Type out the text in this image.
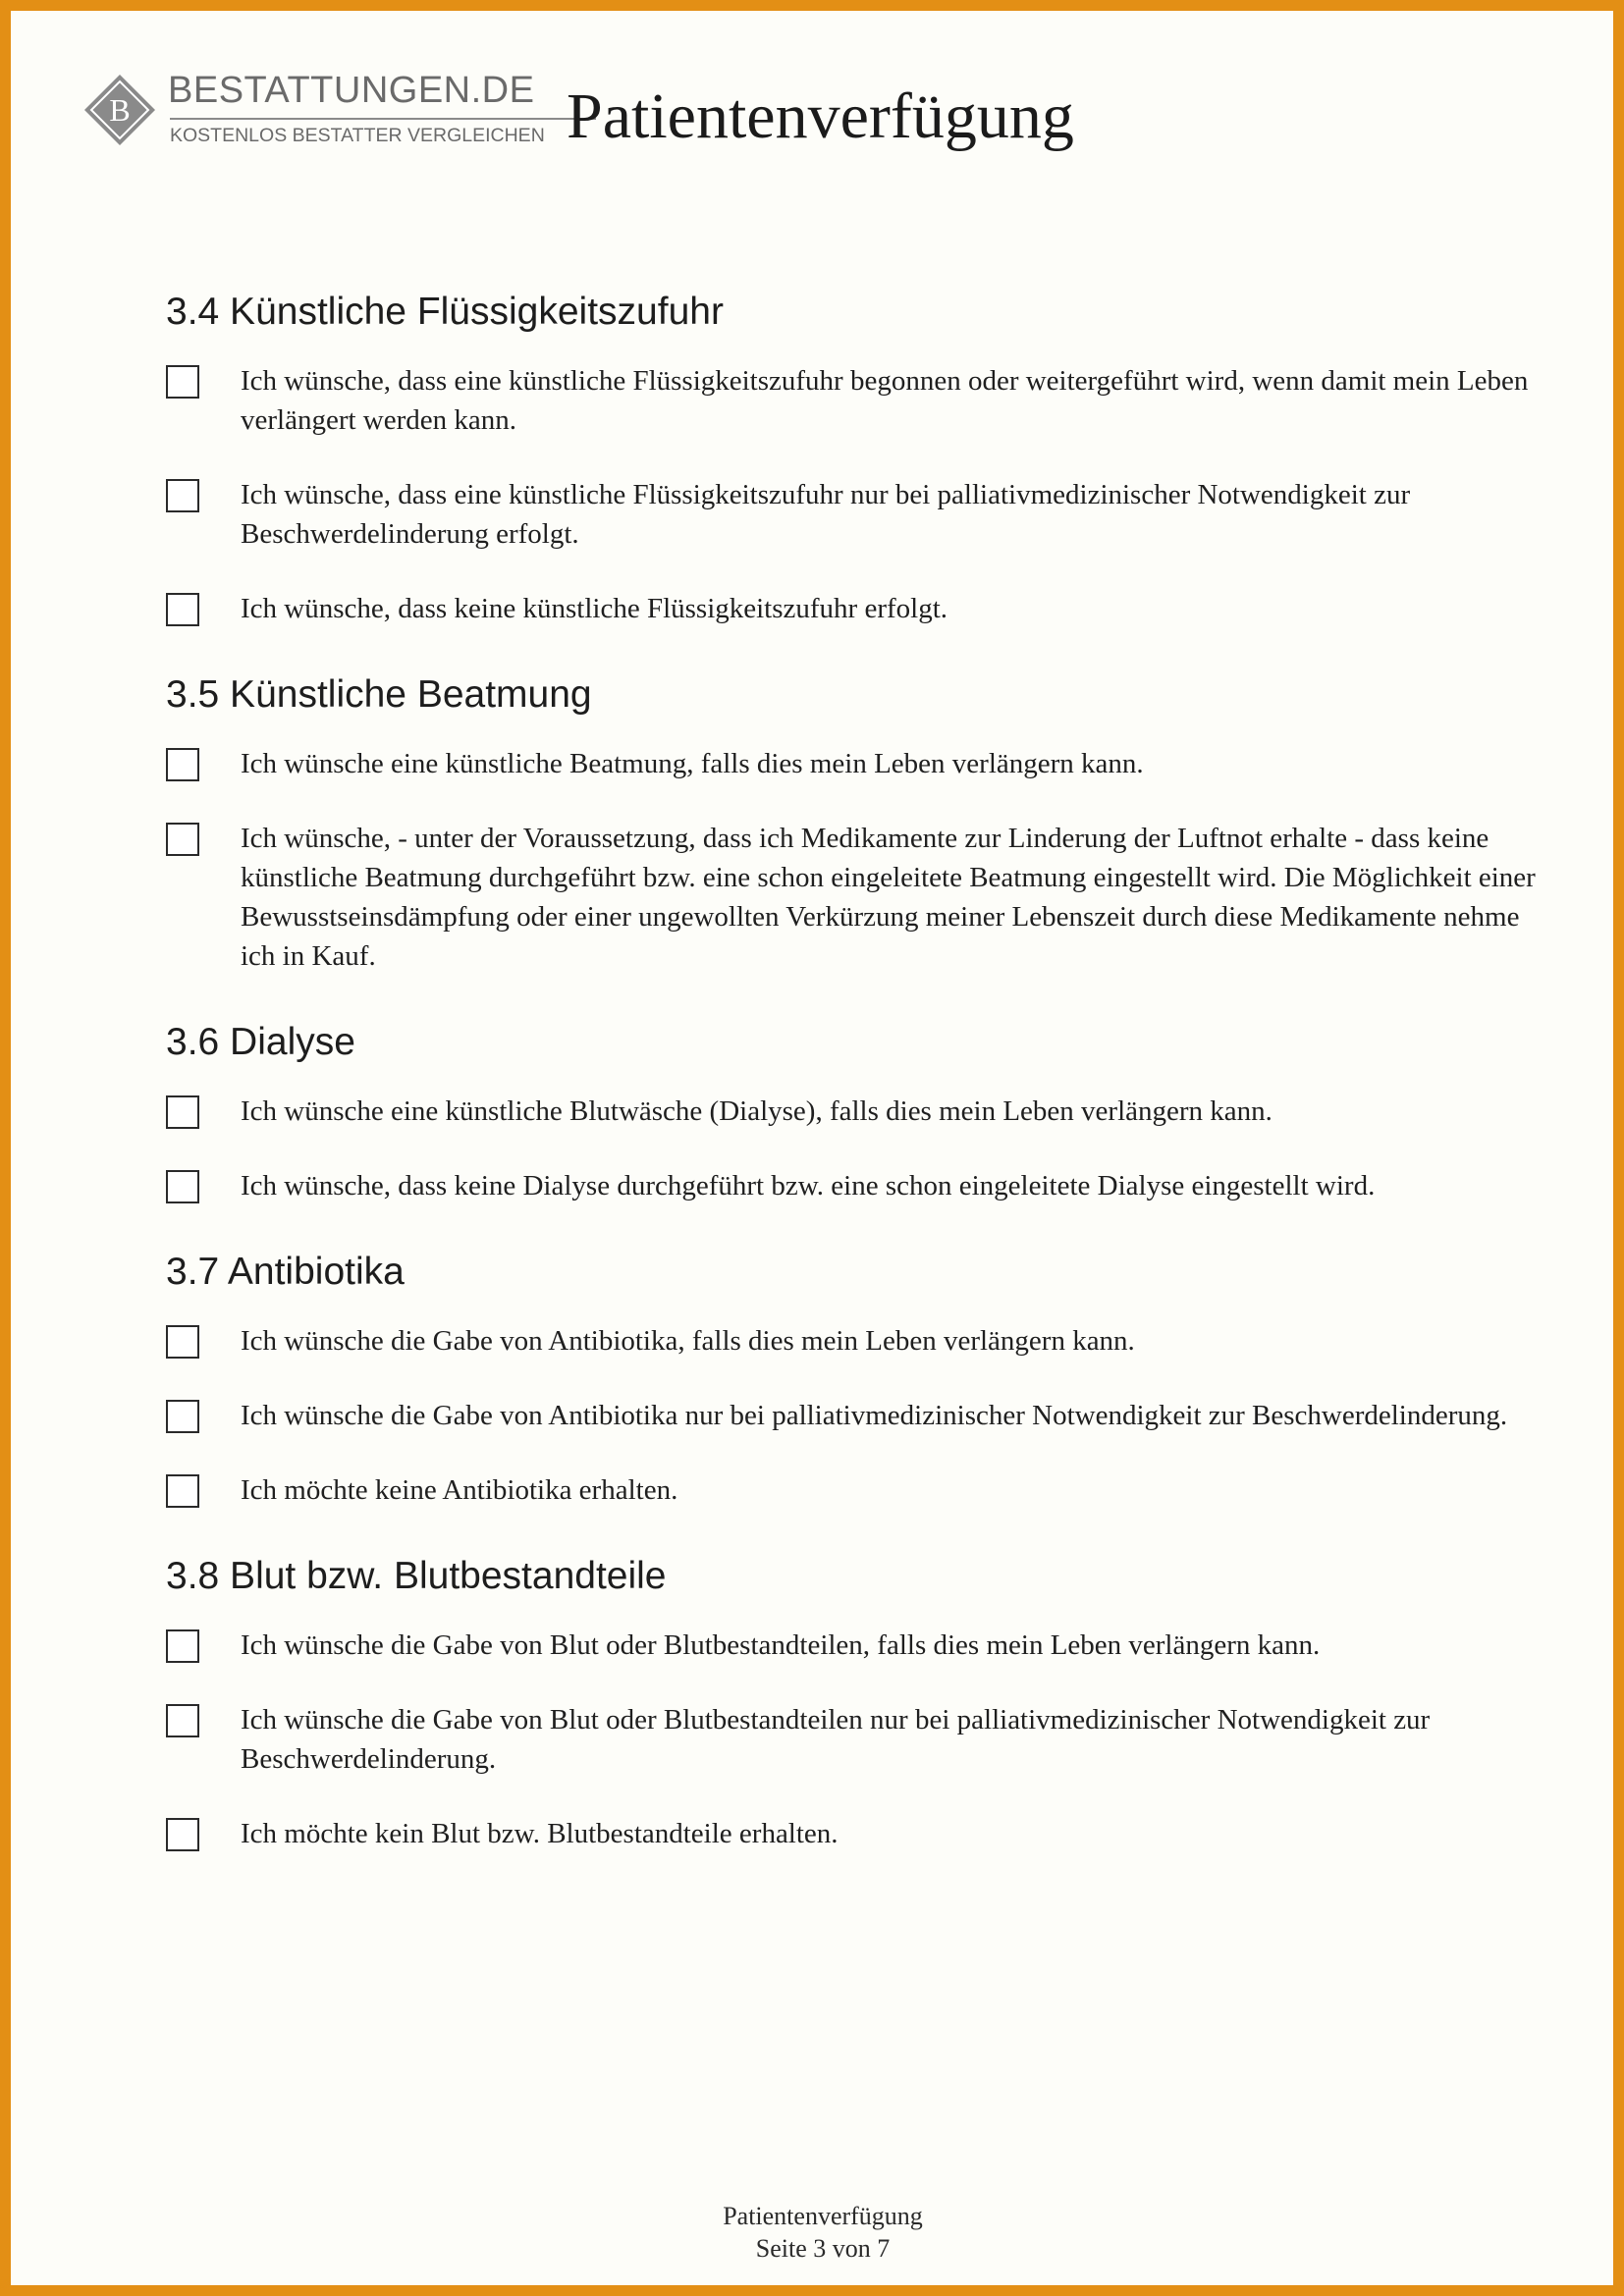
B BESTATTUNGEN.DE
KOSTENLOS BESTATTER VERGLEICHEN Patientenverfügung
3.4 Künstliche Flüssigkeitszufuhr
Ich wünsche, dass eine künstliche Flüssigkeitszufuhr begonnen oder weitergeführt wird, wenn damit mein Leben verlängert werden kann.
Ich wünsche, dass eine künstliche Flüssigkeitszufuhr nur bei palliativmedizinischer Notwendigkeit zur Beschwerdelinderung erfolgt.
Ich wünsche, dass keine künstliche Flüssigkeitszufuhr erfolgt.
3.5 Künstliche Beatmung
Ich wünsche eine künstliche Beatmung, falls dies mein Leben verlängern kann.
Ich wünsche, - unter der Voraussetzung, dass ich Medikamente zur Linderung der Luftnot erhalte - dass keine künstliche Beatmung durchgeführt bzw. eine schon eingeleitete Beatmung eingestellt wird. Die Möglichkeit einer Bewusstseinsdämpfung oder einer ungewollten Verkürzung meiner Lebenszeit durch diese Medikamente nehme ich in Kauf.
3.6 Dialyse
Ich wünsche eine künstliche Blutwäsche (Dialyse), falls dies mein Leben verlängern kann.
Ich wünsche, dass keine Dialyse durchgeführt bzw. eine schon eingeleitete Dialyse eingestellt wird.
3.7 Antibiotika
Ich wünsche die Gabe von Antibiotika, falls dies mein Leben verlängern kann.
Ich wünsche die Gabe von Antibiotika nur bei palliativmedizinischer Notwendigkeit zur Beschwerdelinderung.
Ich möchte keine Antibiotika erhalten.
3.8 Blut bzw. Blutbestandteile
Ich wünsche die Gabe von Blut oder Blutbestandteilen, falls dies mein Leben verlängern kann.
Ich wünsche die Gabe von Blut oder Blutbestandteilen nur bei palliativmedizinischer Notwendigkeit zur Beschwerdelinderung.
Ich möchte kein Blut bzw. Blutbestandteile erhalten.
Patientenverfügung
Seite 3 von 7
